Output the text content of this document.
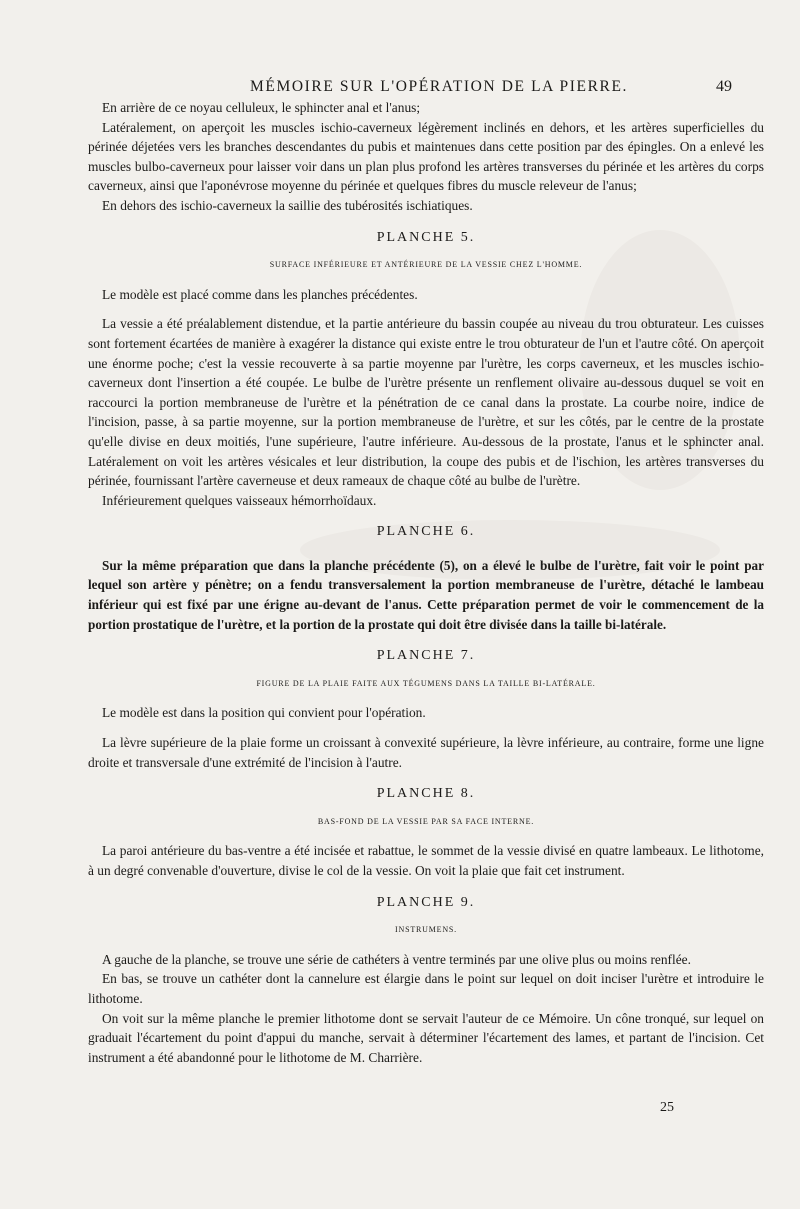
MÉMOIRE SUR L'OPÉRATION DE LA PIERRE.	49

En arrière de ce noyau celluleux, le sphincter anal et l'anus;

Latéralement, on aperçoit les muscles ischio-caverneux légèrement inclinés en dehors, et les artères superficielles du périnée déjetées vers les branches descendantes du pubis et maintenues dans cette position par des épingles. On a enlevé les muscles bulbo-caverneux pour laisser voir dans un plan plus profond les artères transverses du périnée et les artères du corps caverneux, ainsi que l'aponévrose moyenne du périnée et quelques fibres du muscle releveur de l'anus;

En dehors des ischio-caverneux la saillie des tubérosités ischiatiques.

PLANCHE 5.
SURFACE INFÉRIEURE ET ANTÉRIEURE DE LA VESSIE CHEZ L'HOMME.

Le modèle est placé comme dans les planches précédentes.

La vessie a été préalablement distendue, et la partie antérieure du bassin coupée au niveau du trou obturateur. Les cuisses sont fortement écartées de manière à exagérer la distance qui existe entre le trou obturateur de l'un et l'autre côté. On aperçoit une énorme poche; c'est la vessie recouverte à sa partie moyenne par l'urètre, les corps caverneux, et les muscles ischio-caverneux dont l'insertion a été coupée. Le bulbe de l'urètre présente un renflement olivaire au-dessous duquel se voit en raccourci la portion membraneuse de l'urètre et la pénétration de ce canal dans la prostate. La courbe noire, indice de l'incision, passe, à sa partie moyenne, sur la portion membraneuse de l'urètre, et sur les côtés, par le centre de la prostate qu'elle divise en deux moitiés, l'une supérieure, l'autre inférieure. Au-dessous de la prostate, l'anus et le sphincter anal. Latéralement on voit les artères vésicales et leur distribution, la coupe des pubis et de l'ischion, les artères transverses du périnée, fournissant l'artère caverneuse et deux rameaux de chaque côté au bulbe de l'urètre.

Inférieurement quelques vaisseaux hémorrhoïdaux.

PLANCHE 6.

Sur la même préparation que dans la planche précédente (5), on a élevé le bulbe de l'urètre, fait voir le point par lequel son artère y pénètre; on a fendu transversalement la portion membraneuse de l'urètre, détaché le lambeau inférieur qui est fixé par une érigne au-devant de l'anus. Cette préparation permet de voir le commencement de la portion prostatique de l'urètre, et la portion de la prostate qui doit être divisée dans la taille bi-latérale.

PLANCHE 7.
FIGURE DE LA PLAIE FAITE AUX TÉGUMENS DANS LA TAILLE BI-LATÉRALE.

Le modèle est dans la position qui convient pour l'opération.

La lèvre supérieure de la plaie forme un croissant à convexité supérieure, la lèvre inférieure, au contraire, forme une ligne droite et transversale d'une extrémité de l'incision à l'autre.

PLANCHE 8.
BAS-FOND DE LA VESSIE PAR SA FACE INTERNE.

La paroi antérieure du bas-ventre a été incisée et rabattue, le sommet de la vessie divisé en quatre lambeaux. Le lithotome, à un degré convenable d'ouverture, divise le col de la vessie. On voit la plaie que fait cet instrument.

PLANCHE 9.
INSTRUMENS.

A gauche de la planche, se trouve une série de cathéters à ventre terminés par une olive plus ou moins renflée.

En bas, se trouve un cathéter dont la cannelure est élargie dans le point sur lequel on doit inciser l'urètre et introduire le lithotome.

On voit sur la même planche le premier lithotome dont se servait l'auteur de ce Mémoire. Un cône tronqué, sur lequel on graduait l'écartement du point d'appui du manche, servait à déterminer l'écartement des lames, et partant de l'incision. Cet instrument a été abandonné pour le lithotome de M. Charrière.

25
